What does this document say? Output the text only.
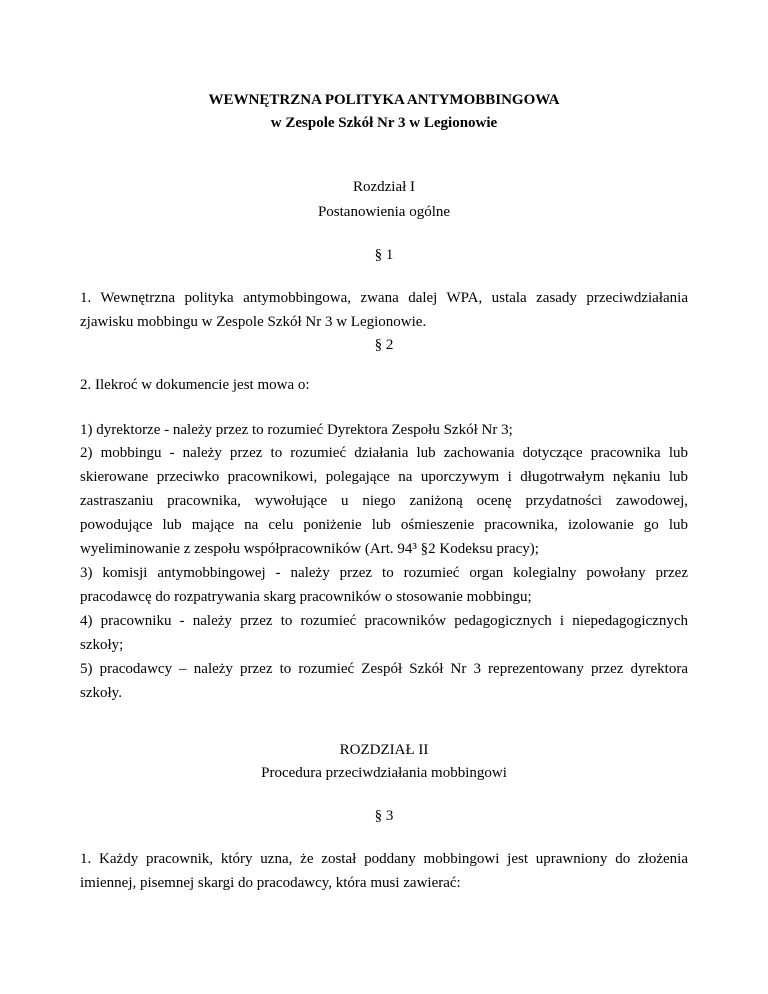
WEWNĘTRZNA POLITYKA ANTYMOBBINGOWA
w Zespole Szkół Nr 3 w Legionowie
Rozdział I
Postanowienia ogólne
§ 1
1. Wewnętrzna polityka antymobbingowa, zwana dalej WPA, ustala zasady przeciwdziałania
zjawisku mobbingu w Zespole Szkół Nr 3 w Legionowie.
§ 2
2. Ilekroć w dokumencie jest mowa o:
1) dyrektorze - należy przez to rozumieć Dyrektora Zespołu Szkół Nr 3;
2) mobbingu - należy przez to rozumieć działania lub zachowania dotyczące pracownika lub
skierowane przeciwko pracownikowi, polegające na uporczywym i długotrwałym nękaniu lub
zastraszaniu pracownika, wywołujące u niego zaniżoną ocenę przydatności zawodowej,
powodujące lub mające na celu poniżenie lub ośmieszenie pracownika, izolowanie go lub
wyeliminowanie z zespołu współpracowników (Art. 94³ §2 Kodeksu pracy);
3) komisji antymobbingowej - należy przez to rozumieć organ kolegialny powołany przez
pracodawcę do rozpatrywania skarg pracowników o stosowanie mobbingu;
4) pracowniku - należy przez to rozumieć pracowników pedagogicznych i niepedagogicznych
szkoły;
5) pracodawcy – należy przez to rozumieć Zespół Szkół Nr 3 reprezentowany przez dyrektora
szkoły.
ROZDZIAŁ II
Procedura przeciwdziałania mobbingowi
§ 3
1. Każdy pracownik, który uzna, że został poddany mobbingowi jest uprawniony do złożenia
imiennej, pisemnej skargi do pracodawcy, która musi zawierać:
